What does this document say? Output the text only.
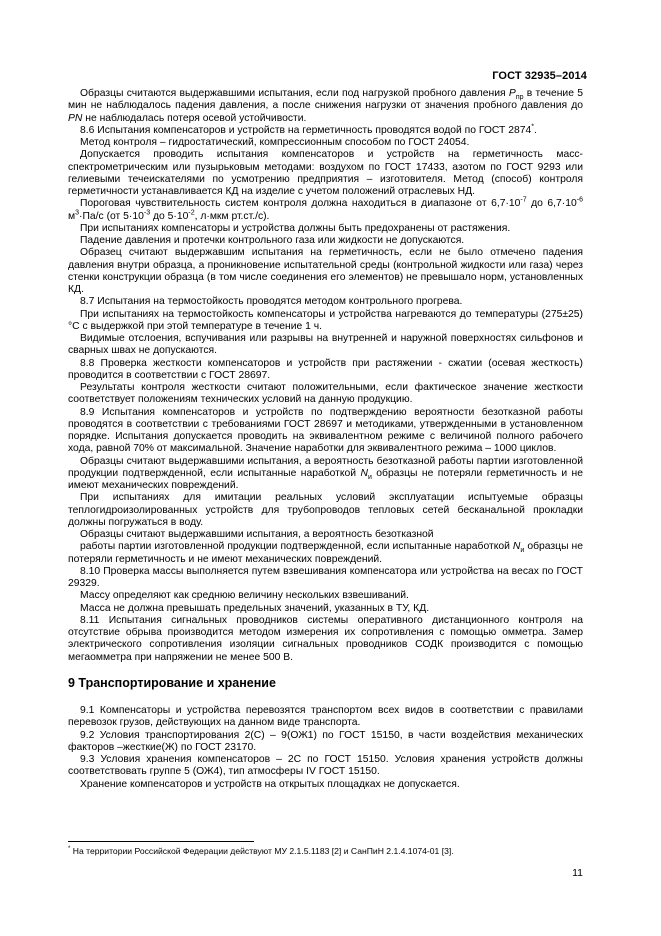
ГОСТ 32935–2014

Образцы считаются выдержавшими испытания, если под нагрузкой пробного давления $P_{пр}$ в течение 5 мин не наблюдалось падения давления, а после снижения нагрузки от значения пробного давления до PN не наблюдалась потеря осевой устойчивости.

8.6 Испытания компенсаторов и устройств на герметичность проводятся водой по ГОСТ 2874*.

Метод контроля – гидростатический, компрессионным способом по ГОСТ 24054.

Допускается проводить испытания компенсаторов и устройств на герметичность масс-спектрометрическим или пузырьковым методами: воздухом по ГОСТ 17433, азотом по ГОСТ 9293 или гелиевыми течеискателями по усмотрению предприятия – изготовителя. Метод (способ) контроля герметичности устанавливается КД на изделие с учетом положений отраслевых НД.

Пороговая чувствительность систем контроля должна находиться в диапазоне от $6,7\cdot 10^{-7}$ до $6,7\cdot 10^{-6}$ $м^3\cdot Па/с$ (от $5\cdot 10^{-3}$ до $5\cdot 10^{-2}$, л·мкм рт.ст./с).

При испытаниях компенсаторы и устройства должны быть предохранены от растяжения.

Падение давления и протечки контрольного газа или жидкости не допускаются.

Образец считают выдержавшим испытания на герметичность, если не было отмечено падения давления внутри образца, а проникновение испытательной среды (контрольной жидкости или газа) через стенки конструкции образца (в том числе соединения его элементов) не превышало норм, установленных КД.

8.7 Испытания на термостойкость проводятся методом контрольного прогрева.

При испытаниях на термостойкость компенсаторы и устройства нагреваются до температуры (275±25) °С с выдержкой при этой температуре в течение 1 ч.

Видимые отслоения, вспучивания или разрывы на внутренней и наружной поверхностях сильфонов и сварных швах не допускаются.

8.8 Проверка жесткости компенсаторов и устройств при растяжении - сжатии (осевая жесткость) проводится в соответствии с ГОСТ 28697.

Результаты контроля жесткости считают положительными, если фактическое значение жесткости соответствует положениям технических условий на данную продукцию.

8.9 Испытания компенсаторов и устройств по подтверждению вероятности безотказной работы проводятся в соответствии с требованиями ГОСТ 28697 и методиками, утвержденными в установленном порядке. Испытания допускается проводить на эквивалентном режиме с величиной полного рабочего хода, равной 70% от максимальной. Значение наработки для эквивалентного режима – 1000 циклов.

Образцы считают выдержавшими испытания, а вероятность безотказной работы партии изготовленной продукции подтвержденной, если испытанные наработкой $N_и$ образцы не потеряли герметичность и не имеют механических повреждений.

При испытаниях для имитации реальных условий эксплуатации испытуемые образцы теплогидроизолированных устройств для трубопроводов тепловых сетей бесканальной прокладки должны погружаться в воду.

Образцы считают выдержавшими испытания, а вероятность безотказной

работы партии изготовленной продукции подтвержденной, если испытанные наработкой $N_и$ образцы не потеряли герметичность и не имеют механических повреждений.

8.10 Проверка массы выполняется путем взвешивания компенсатора или устройства на весах по ГОСТ 29329.

Массу определяют как среднюю величину нескольких взвешиваний.

Масса не должна превышать предельных значений, указанных в ТУ, КД.

8.11 Испытания сигнальных проводников системы оперативного дистанционного контроля на отсутствие обрыва производится методом измерения их сопротивления с помощью омметра. Замер электрического сопротивления изоляции сигнальных проводников СОДК производится с помощью мегаомметра при напряжении не менее 500 В.

9 Транспортирование и хранение

9.1 Компенсаторы и устройства перевозятся транспортом всех видов в соответствии с правилами перевозок грузов, действующих на данном виде транспорта.

9.2 Условия транспортирования 2(С) – 9(ОЖ1) по ГОСТ 15150, в части воздействия механических факторов –жесткие(Ж) по ГОСТ 23170.

9.3 Условия хранения компенсаторов – 2С по ГОСТ 15150. Условия хранения устройств должны соответствовать группе 5 (ОЖ4), тип атмосферы IV ГОСТ 15150.

Хранение компенсаторов и устройств на открытых площадках не допускается.

* На территории Российской Федерации действуют МУ 2.1.5.1183 [2] и СанПиН 2.1.4.1074-01 [3].
11
